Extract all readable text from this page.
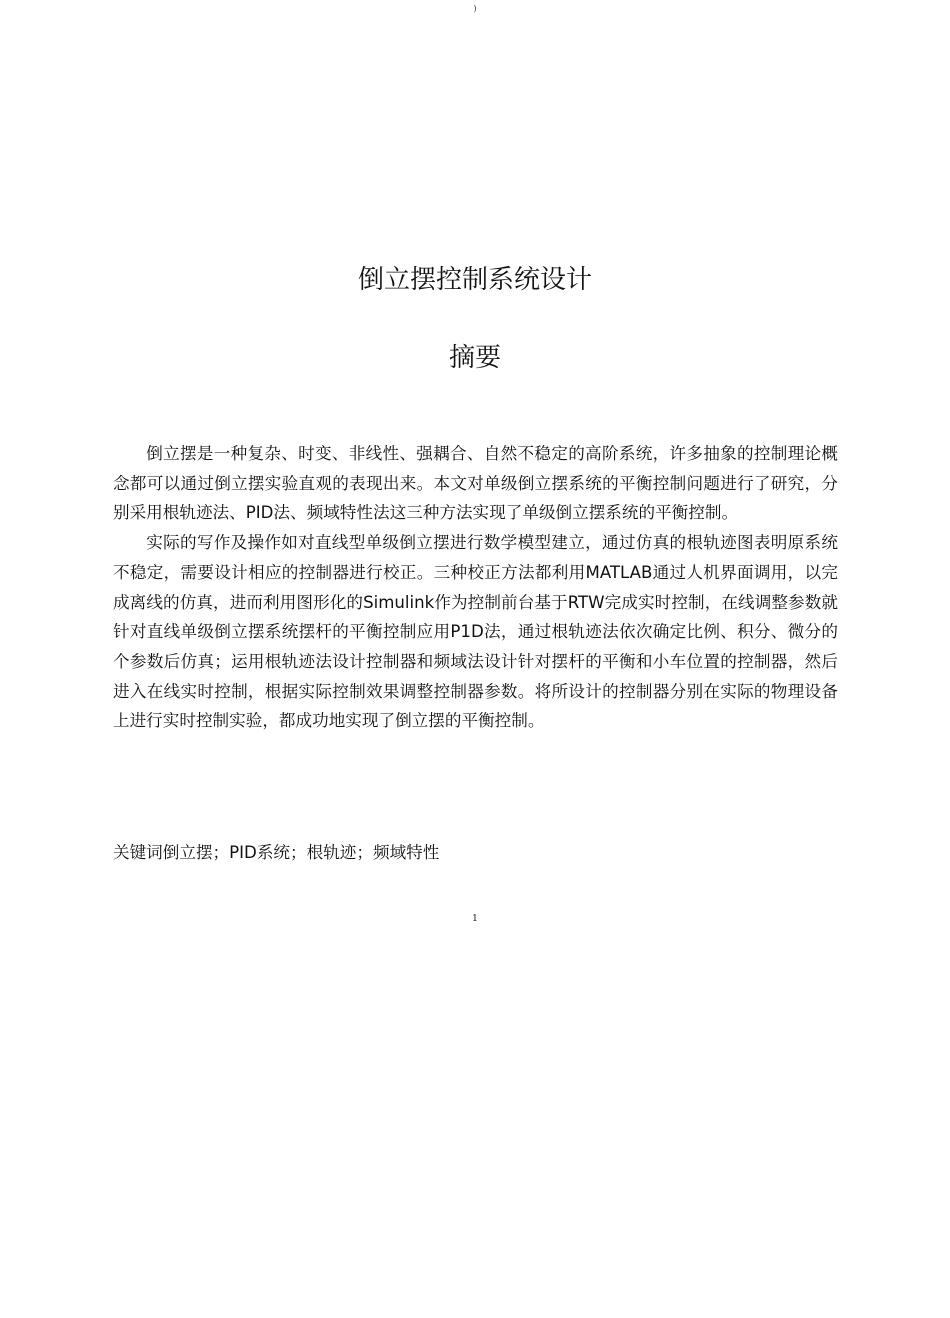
)
倒立摆控制系统设计
摘要

倒立摆是一种复杂、时变、非线性、强耦合、自然不稳定的高阶系统，许多抽象的控制理论概念都可以通过倒立摆实验直观的表现出来。本文对单级倒立摆系统的平衡控制问题进行了研究，分别采用根轨迹法、PID法、频域特性法这三种方法实现了单级倒立摆系统的平衡控制。

实际的写作及操作如对直线型单级倒立摆进行数学模型建立，通过仿真的根轨迹图表明原系统不稳定，需要设计相应的控制器进行校正。三种校正方法都利用MATLAB通过人机界面调用，以完成离线的仿真，进而利用图形化的Simulink作为控制前台基于RTW完成实时控制，在线调整参数就针对直线单级倒立摆系统摆杆的平衡控制应用P1D法，通过根轨迹法依次确定比例、积分、微分的个参数后仿真；运用根轨迹法设计控制器和频域法设计针对摆杆的平衡和小车位置的控制器，然后进入在线实时控制，根据实际控制效果调整控制器参数。将所设计的控制器分别在实际的物理设备上进行实时控制实验，都成功地实现了倒立摆的平衡控制。

关键词倒立摆；PID系统；根轨迹；频域特性
1
